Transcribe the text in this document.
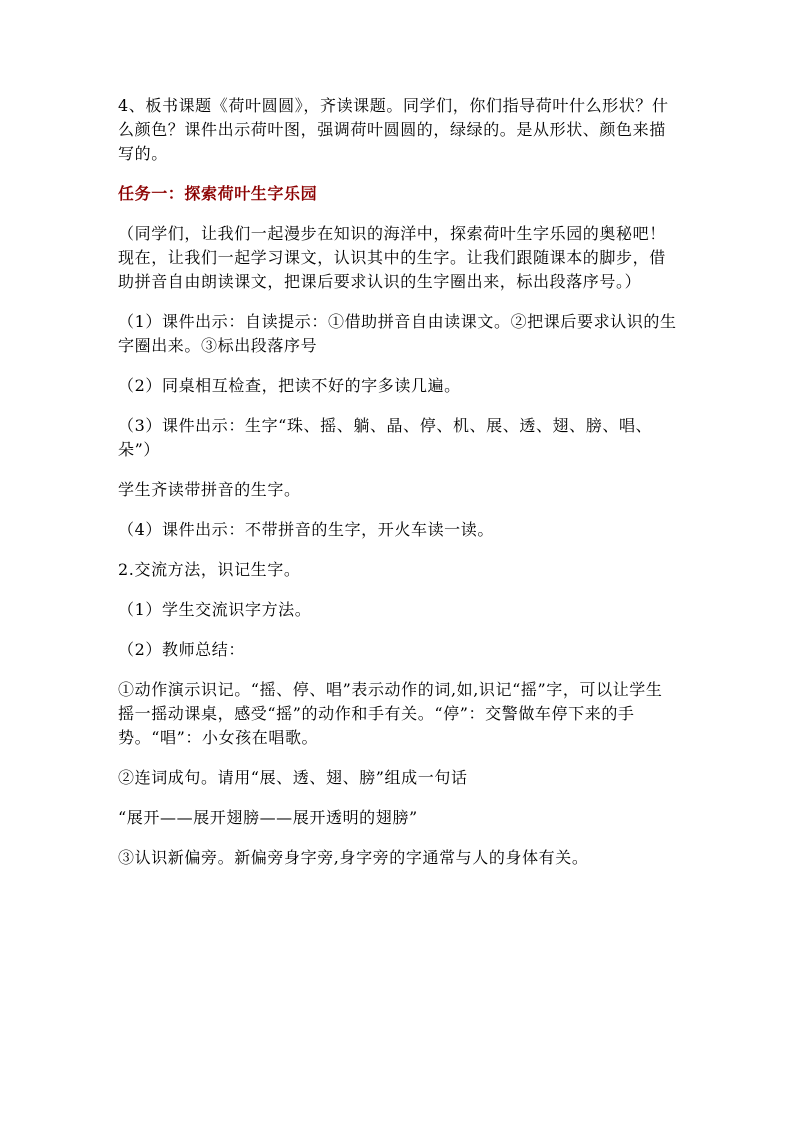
4、板书课题《荷叶圆圆》，齐读课题。同学们，你们指导荷叶什么形状？什么颜色？课件出示荷叶图，强调荷叶圆圆的，绿绿的。是从形状、颜色来描写的。

任务一：探索荷叶生字乐园

（同学们，让我们一起漫步在知识的海洋中，探索荷叶生字乐园的奥秘吧！现在，让我们一起学习课文，认识其中的生字。让我们跟随课本的脚步，借助拼音自由朗读课文，把课后要求认识的生字圈出来，标出段落序号。）

（1）课件出示：自读提示：①借助拼音自由读课文。②把课后要求认识的生字圈出来。③标出段落序号

（2）同桌相互检查，把读不好的字多读几遍。

（3）课件出示：生字“珠、摇、躺、晶、停、机、展、透、翅、膀、唱、朵”）

学生齐读带拼音的生字。

（4）课件出示：不带拼音的生字，开火车读一读。

2.交流方法，识记生字。

（1）学生交流识字方法。

（2）教师总结：

①动作演示识记。“摇、停、唱”表示动作的词,如,识记“摇”字，可以让学生摇一摇动课桌，感受“摇”的动作和手有关。“停”：交警做车停下来的手势。“唱”：小女孩在唱歌。

②连词成句。请用“展、透、翅、膀”组成一句话

“展开——展开翅膀——展开透明的翅膀”

③认识新偏旁。新偏旁身字旁,身字旁的字通常与人的身体有关。
